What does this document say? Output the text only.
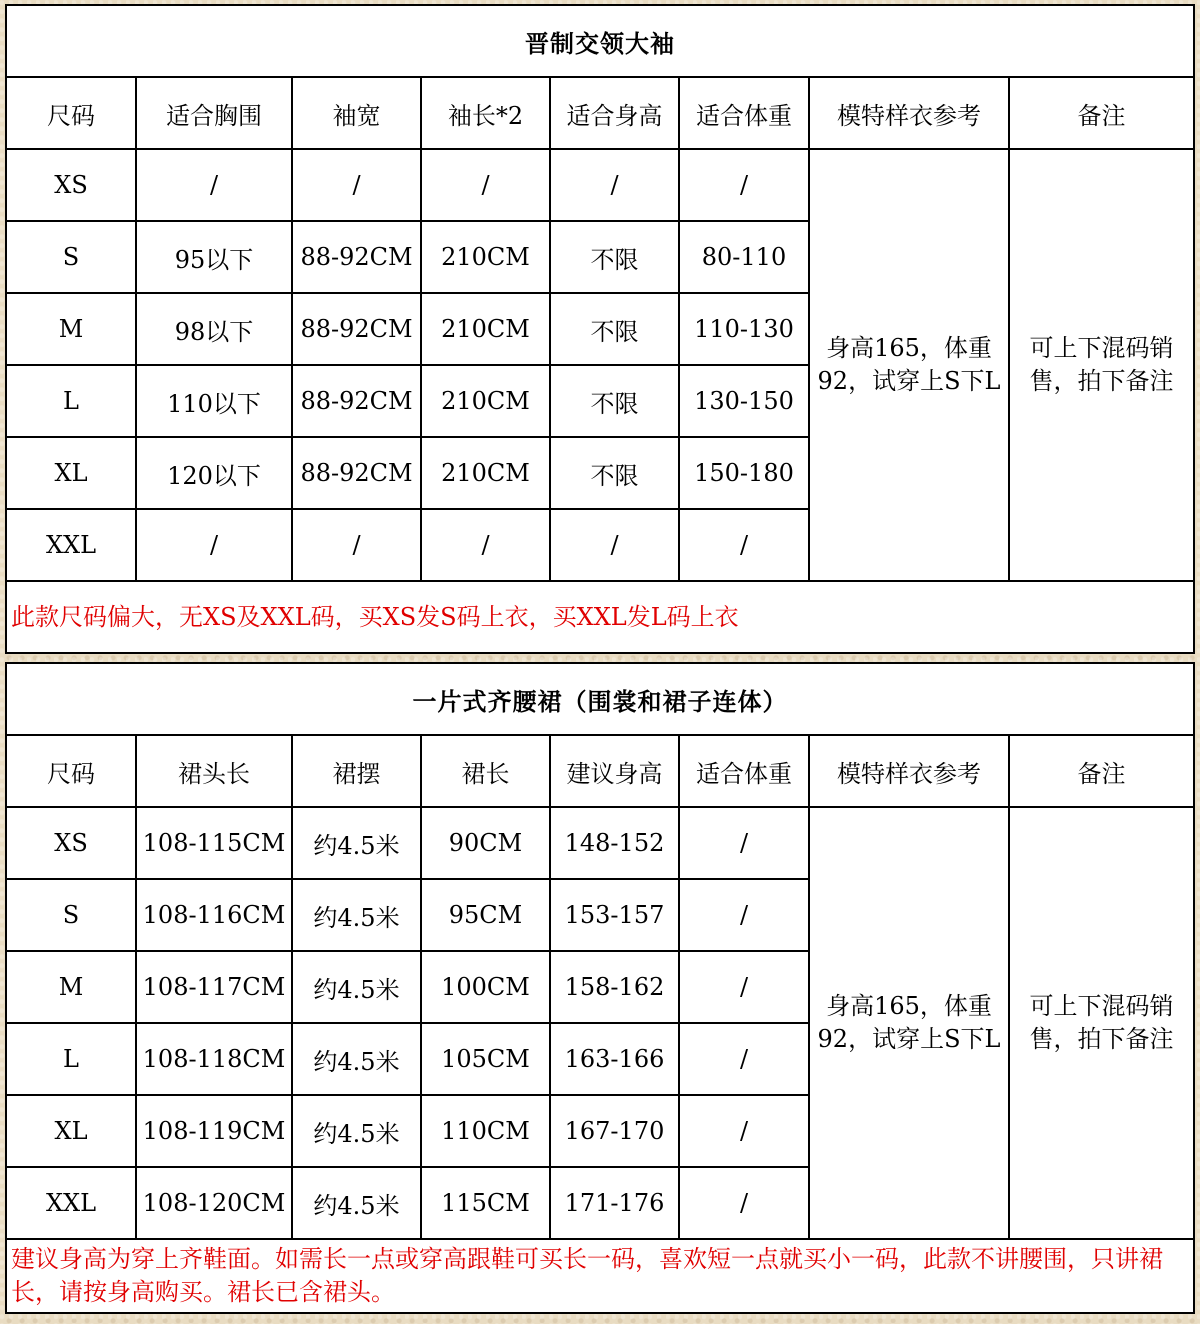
晋制交领大袖							
尺码	适合胸围	袖宽	袖长*2	适合身高	适合体重	模特样衣参考	备注
XS	/	/	/	/	/	身高165，体重92，试穿上S下L	可上下混码销售，拍下备注
S	95以下	88-92CM	210CM	不限	80-110		
M	98以下	88-92CM	210CM	不限	110-130		
L	110以下	88-92CM	210CM	不限	130-150		
XL	120以下	88-92CM	210CM	不限	150-180		
XXL	/	/	/	/	/		
此款尺码偏大，无XS及XXL码，买XS发S码上衣，买XXL发L码上衣							
一片式齐腰裙（围裳和裙子连体）							
尺码	裙头长	裙摆	裙长	建议身高	适合体重	模特样衣参考	备注
XS	108-115CM	约4.5米	90CM	148-152	/	身高165，体重92，试穿上S下L	可上下混码销售，拍下备注
S	108-116CM	约4.5米	95CM	153-157	/		
M	108-117CM	约4.5米	100CM	158-162	/		
L	108-118CM	约4.5米	105CM	163-166	/		
XL	108-119CM	约4.5米	110CM	167-170	/		
XXL	108-120CM	约4.5米	115CM	171-176	/		
建议身高为穿上齐鞋面。如需长一点或穿高跟鞋可买长一码，喜欢短一点就买小一码，此款不讲腰围，只讲裙长，请按身高购买。裙长已含裙头。							
